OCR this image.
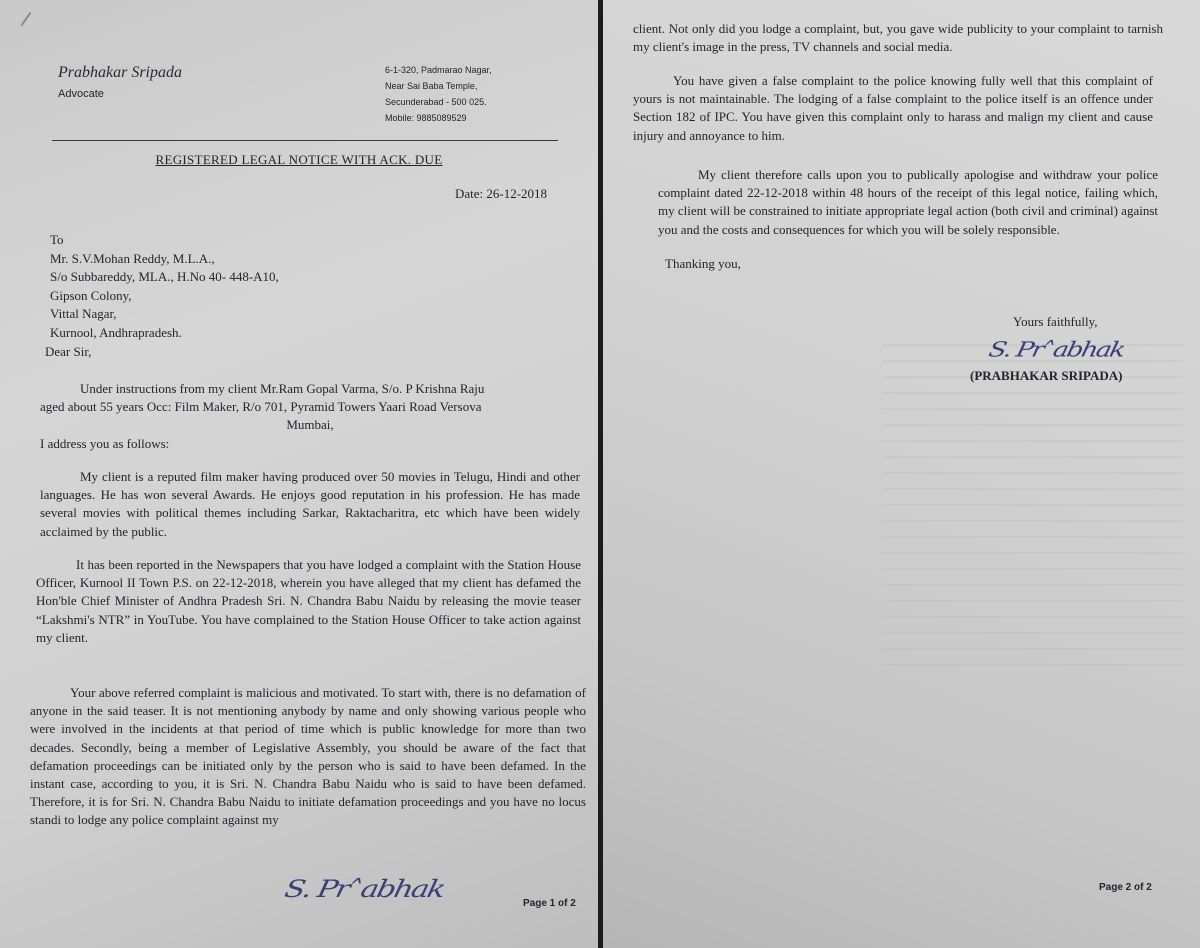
Prabhakar Sripada
Advocate
6-1-320, Padmarao Nagar,
Near Sai Baba Temple,
Secunderabad - 500 025.
Mobile: 9885089529
REGISTERED LEGAL NOTICE WITH ACK. DUE
Date: 26-12-2018
To
Mr. S.V.Mohan Reddy, M.L.A.,
S/o Subbareddy, MLA., H.No 40- 448-A10,
Gipson Colony,
Vittal Nagar,
Kurnool, Andhrapradesh.
Dear Sir,
Under instructions from my client Mr.Ram Gopal Varma, S/o. P Krishna Raju
aged about 55 years Occ: Film Maker, R/o 701, Pyramid Towers Yaari Road Versova
Mumbai,
I address you as follows:
My client is a reputed film maker having produced over 50 movies in Telugu, Hindi and other languages. He has won several Awards. He enjoys good reputation in his profession. He has made several movies with political themes including Sarkar, Raktacharitra, etc which have been widely acclaimed by the public.
It has been reported in the Newspapers that you have lodged a complaint with the Station House Officer, Kurnool II Town P.S. on 22-12-2018, wherein you have alleged that my client has defamed the Hon'ble Chief Minister of Andhra Pradesh Sri. N. Chandra Babu Naidu by releasing the movie teaser “Lakshmi's NTR” in YouTube. You have complained to the Station House Officer to take action against my client.
Your above referred complaint is malicious and motivated. To start with, there is no defamation of anyone in the said teaser. It is not mentioning anybody by name and only showing various people who were involved in the incidents at that period of time which is public knowledge for more than two decades. Secondly, being a member of Legislative Assembly, you should be aware of the fact that defamation proceedings can be initiated only by the person who is said to have been defamed. In the instant case, according to you, it is Sri. N. Chandra Babu Naidu who is said to have been defamed. Therefore, it is for Sri. N. Chandra Babu Naidu to initiate defamation proceedings and you have no locus standi to lodge any police complaint against my
S. Pr˄abhak	Page 1 of 2
client. Not only did you lodge a complaint, but, you gave wide publicity to your complaint to tarnish my client's image in the press, TV channels and social media.
You have given a false complaint to the police knowing fully well that this complaint of yours is not maintainable. The lodging of a false complaint to the police itself is an offence under Section 182 of IPC. You have given this complaint only to harass and malign my client and cause injury and annoyance to him.
My client therefore calls upon you to publically apologise and withdraw your police complaint dated 22-12-2018 within 48 hours of the receipt of this legal notice, failing which, my client will be constrained to initiate appropriate legal action (both civil and criminal) against you and the costs and consequences for which you will be solely responsible.
Thanking you,
Yours faithfully,
S. Pr˄abhak
(PRABHAKAR SRIPADA)
Page 2 of 2
